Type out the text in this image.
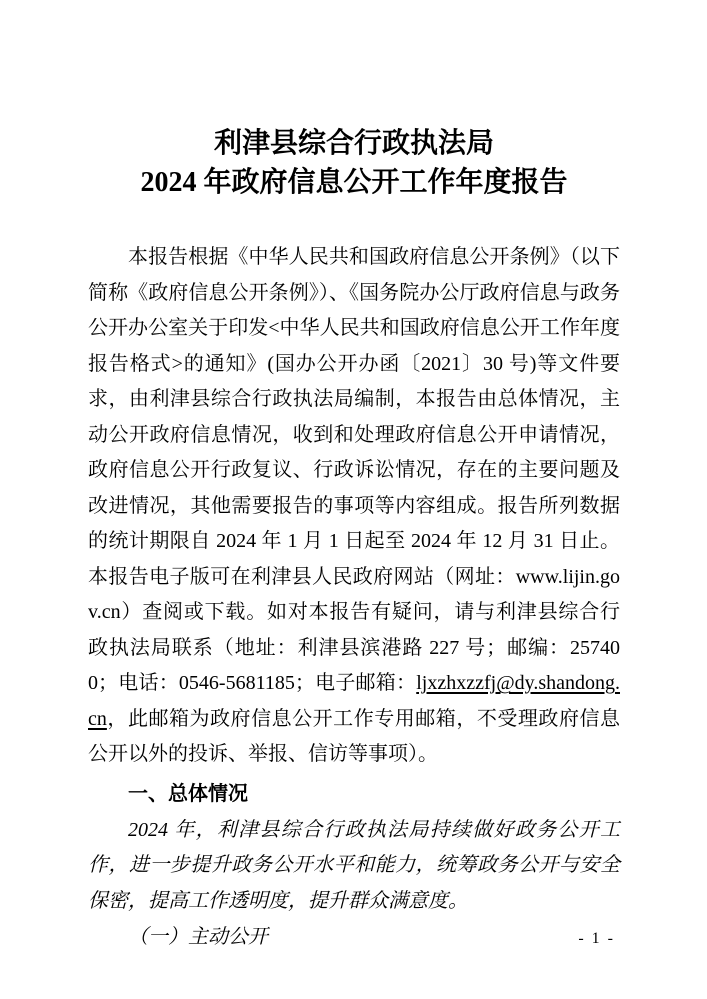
利津县综合行政执法局
2024 年政府信息公开工作年度报告

本报告根据《中华人民共和国政府信息公开条例》（以下简称《政府信息公开条例》）、《国务院办公厅政府信息与政务公开办公室关于印发<中华人民共和国政府信息公开工作年度报告格式>的通知》(国办公开办函〔2021〕30 号)等文件要求，由利津县综合行政执法局编制，本报告由总体情况，主动公开政府信息情况，收到和处理政府信息公开申请情况，政府信息公开行政复议、行政诉讼情况，存在的主要问题及改进情况，其他需要报告的事项等内容组成。报告所列数据的统计期限自 2024 年 1 月 1 日起至 2024 年 12 月 31 日止。本报告电子版可在利津县人民政府网站（网址：www.lijin.gov.cn）查阅或下载。如对本报告有疑问，请与利津县综合行政执法局联系（地址：利津县滨港路 227 号；邮编：257400；电话：0546-5681185；电子邮箱：ljxzhxzzfj@dy.shandong.cn，此邮箱为政府信息公开工作专用邮箱，不受理政府信息公开以外的投诉、举报、信访等事项）。

一、总体情况

2024 年，利津县综合行政执法局持续做好政务公开工作，进一步提升政务公开水平和能力，统筹政务公开与安全保密，提高工作透明度，提升群众满意度。

（一）主动公开	- 1 -
